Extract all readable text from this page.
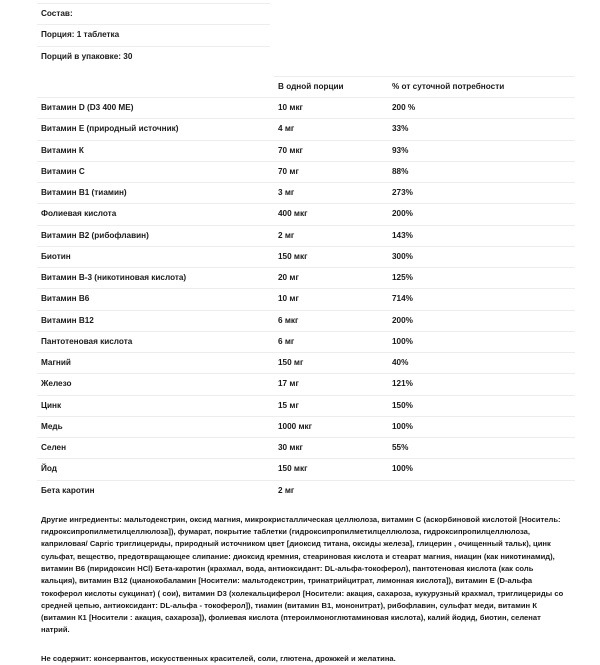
Состав:
Порция: 1 таблетка
Порций в упаковке: 30
	В одной порции	% от суточной потребности
Витамин D (D3 400 МЕ)	10 мкг	200 %
Витамин E (природный источник)	4 мг	33%
Витамин К	70 мкг	93%
Витамин С	70 мг	88%
Витамин В1 (тиамин)	3 мг	273%
Фолиевая кислота	400 мкг	200%
Витамин В2 (рибофлавин)	2 мг	143%
Биотин	150 мкг	300%
Витамин В-3 (никотиновая кислота)	20 мг	125%
Витамин В6	10 мг	714%
Витамин В12	6 мкг	200%
Пантотеновая кислота	6 мг	100%
Магний	150 мг	40%
Железо	17 мг	121%
Цинк	15 мг	150%
Медь	1000 мкг	100%
Селен	30 мкг	55%
Йод	150 мкг	100%
Бета каротин	2 мг	

Другие ингредиенты: мальтодекстрин, оксид магния, микрокристаллическая целлюлоза, витамин С (аскорбиновой кислотой [Носитель: гидроксипропилметилцеллюлоза]), фумарат, покрытие таблетки (гидроксипропилметилцеллюлоза, гидроксипропилцеллюлоза, каприловая/ Capric триглицериды, природный источником цвет [диоксид титана, оксиды железа], глицерин , очищенный тальк), цинк сульфат, вещество, предотвращающее слипание: диоксид кремния, стеариновая кислота и стеарат магния, ниацин (как никотинамид), витамин В6 (пиридоксин HCl) Бета-каротин (крахмал, вода, антиоксидант: DL-альфа-токоферол), пантотеновая кислота (как соль кальция), витамин В12 (цианокобаламин [Носители: мальтодекстрин, тринатрийцитрат, лимонная кислота]), витамин E (D-альфа токоферол кислоты сукцинат) ( сои), витамин D3 (холекальциферол [Носители: акация, сахароза, кукурузный крахмал, триглицериды со средней цепью, антиоксидант: DL-альфа - токоферол]), тиамин (витамин В1, мононитрат), рибофлавин, сульфат меди, витамин К (витамин К1 [Носители : акация, сахароза]), фолиевая кислота (птероилмоноглютаминовая кислота), калий йодид, биотин, селенат натрий.

Не содержит: консервантов, искусственных красителей, соли, глютена, дрожжей и желатина.
